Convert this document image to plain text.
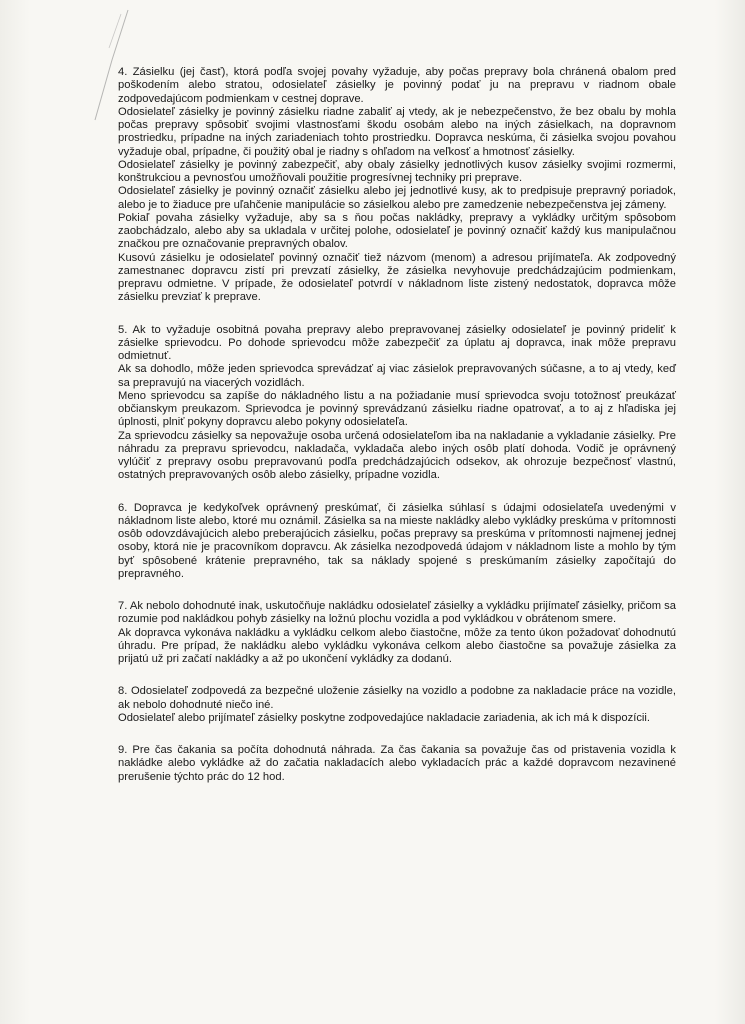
4. Zásielku (jej časť), ktorá podľa svojej povahy vyžaduje, aby počas prepravy bola chránená obalom pred poškodením alebo stratou, odosielateľ zásielky je povinný podať ju na prepravu v riadnom obale zodpovedajúcom podmienkam v cestnej doprave.

Odosielateľ zásielky je povinný zásielku riadne zabaliť aj vtedy, ak je nebezpečenstvo, že bez obalu by mohla počas prepravy spôsobiť svojimi vlastnosťami škodu osobám alebo na iných zásielkach, na dopravnom prostriedku, prípadne na iných zariadeniach tohto prostriedku. Dopravca neskúma, či zásielka svojou povahou vyžaduje obal, prípadne, či použitý obal je riadny s ohľadom na veľkosť a hmotnosť zásielky.

Odosielateľ zásielky je povinný zabezpečiť, aby obaly zásielky jednotlivých kusov zásielky svojimi rozmermi, konštrukciou a pevnosťou umožňovali použitie progresívnej techniky pri preprave.

Odosielateľ zásielky je povinný označiť zásielku alebo jej jednotlivé kusy, ak to predpisuje prepravný poriadok, alebo je to žiaduce pre uľahčenie manipulácie so zásielkou alebo pre zamedzenie nebezpečenstva jej zámeny.

Pokiaľ povaha zásielky vyžaduje, aby sa s ňou počas nakládky, prepravy a vykládky určitým spôsobom zaobchádzalo, alebo aby sa ukladala v určitej polohe, odosielateľ je povinný označiť každý kus manipulačnou značkou pre označovanie prepravných obalov.

Kusovú zásielku je odosielateľ povinný označiť tiež názvom (menom) a adresou prijímateľa. Ak zodpovedný zamestnanec dopravcu zistí pri prevzatí zásielky, že zásielka nevyhovuje predchádzajúcim podmienkam, prepravu odmietne. V prípade, že odosielateľ potvrdí v nákladnom liste zistený nedostatok, dopravca môže zásielku prevziať k preprave.

5. Ak to vyžaduje osobitná povaha prepravy alebo prepravovanej zásielky odosielateľ je povinný prideliť k zásielke sprievodcu. Po dohode sprievodcu môže zabezpečiť za úplatu aj dopravca, inak môže prepravu odmietnuť.

Ak sa dohodlo, môže jeden sprievodca sprevádzať aj viac zásielok prepravovaných súčasne, a to aj vtedy, keď sa prepravujú na viacerých vozidlách.

Meno sprievodcu sa zapíše do nákladného listu a na požiadanie musí sprievodca svoju totožnosť preukázať občianskym preukazom. Sprievodca je povinný sprevádzanú zásielku riadne opatrovať, a to aj z hľadiska jej úplnosti, plniť pokyny dopravcu alebo pokyny odosielateľa.

Za sprievodcu zásielky sa nepovažuje osoba určená odosielateľom iba na nakladanie a vykladanie zásielky. Pre náhradu za prepravu sprievodcu, nakladača, vykladača alebo iných osôb platí dohoda. Vodič je oprávnený vylúčiť z prepravy osobu prepravovanú podľa predchádzajúcich odsekov, ak ohrozuje bezpečnosť vlastnú, ostatných prepravovaných osôb alebo zásielky, prípadne vozidla.

6. Dopravca je kedykoľvek oprávnený preskúmať, či zásielka súhlasí s údajmi odosielateľa uvedenými v nákladnom liste alebo, ktoré mu oznámil. Zásielka sa na mieste nakládky alebo vykládky preskúma v prítomnosti osôb odovzdávajúcich alebo preberajúcich zásielku, počas prepravy sa preskúma v prítomnosti najmenej jednej osoby, ktorá nie je pracovníkom dopravcu. Ak zásielka nezodpovedá údajom v nákladnom liste a mohlo by tým byť spôsobené krátenie prepravného, tak sa náklady spojené s preskúmaním zásielky započítajú do prepravného.

7. Ak nebolo dohodnuté inak, uskutočňuje nakládku odosielateľ zásielky a vykládku prijímateľ zásielky, pričom sa rozumie pod nakládkou pohyb zásielky na ložnú plochu vozidla a pod vykládkou v obrátenom smere.

Ak dopravca vykonáva nakládku a vykládku celkom alebo čiastočne, môže za tento úkon požadovať dohodnutú úhradu. Pre prípad, že nakládku alebo vykládku vykonáva celkom alebo čiastočne sa považuje zásielka za prijatú už pri začatí nakládky a až po ukončení vykládky za dodanú.

8. Odosielateľ zodpovedá za bezpečné uloženie zásielky na vozidlo a podobne za nakladacie práce na vozidle, ak nebolo dohodnuté niečo iné.

Odosielateľ alebo prijímateľ zásielky poskytne zodpovedajúce nakladacie zariadenia, ak ich má k dispozícii.

9. Pre čas čakania sa počíta dohodnutá náhrada. Za čas čakania sa považuje čas od pristavenia vozidla k nakládke alebo vykládke až do začatia nakladacích alebo vykladacích prác a každé dopravcom nezavinené prerušenie týchto prác do 12 hod.
